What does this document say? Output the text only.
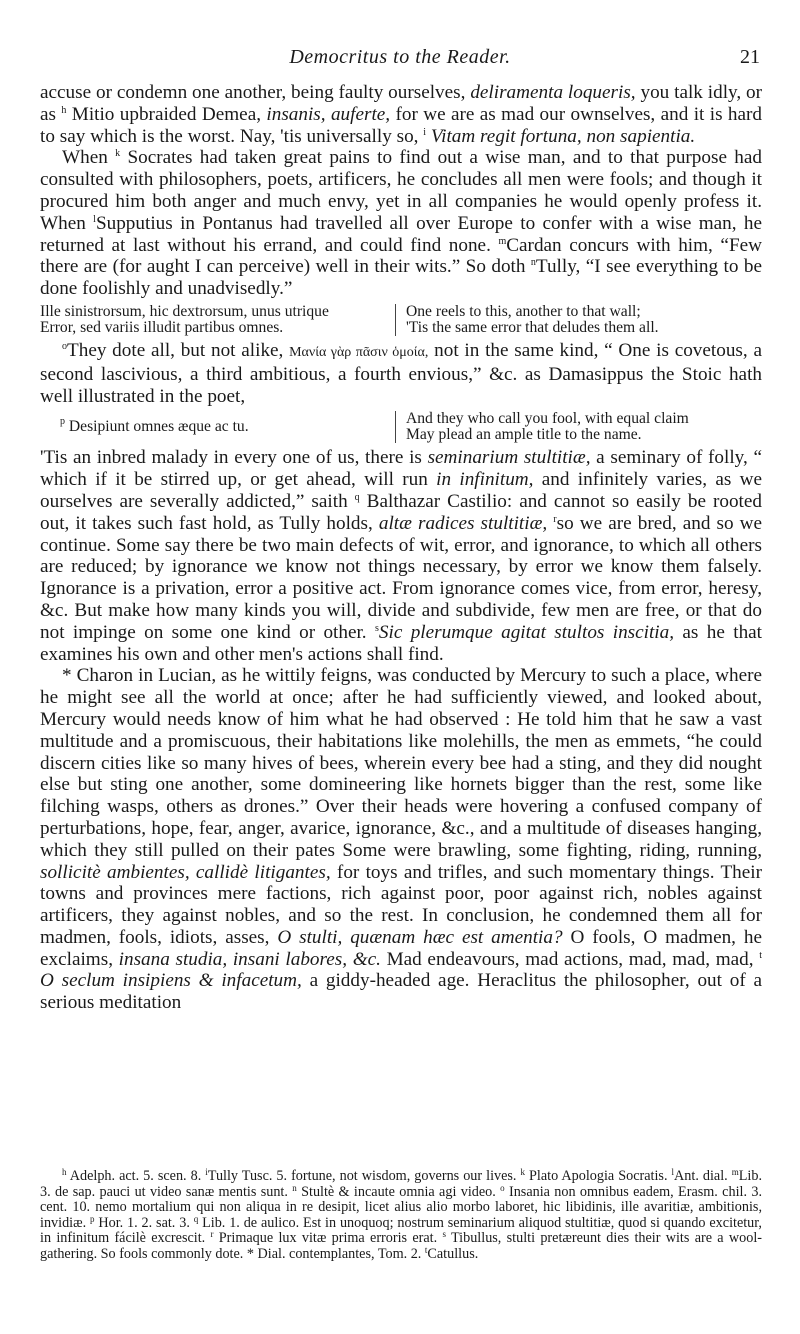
Democritus to the Reader.	21

accuse or condemn one another, being faulty ourselves, deliramenta loqueris, you talk idly, or as $^h$ Mitio upbraided Demea, insanis, auferte, for we are as mad our ownselves, and it is hard to say which is the worst. Nay, 'tis universally so, $^i$ Vitam regit fortuna, non sapientia.

When $^k$ Socrates had taken great pains to find out a wise man, and to that purpose had consulted with philosophers, poets, artificers, he concludes all men were fools; and though it procured him both anger and much envy, yet in all companies he would openly profess it. When $^l$Supputius in Pontanus had travelled all over Europe to confer with a wise man, he returned at last without his errand, and could find none. $^m$Cardan concurs with him, “Few there are (for aught I can perceive) well in their wits.” So doth $^n$Tully, “I see everything to be done foolishly and unadvisedly.”

Ille sinistrorsum, hic dextrorsum, unus utrique
Error, sed variis illudit partibus omnes.
One reels to this, another to that wall;
'Tis the same error that deludes them all.

$^o$They dote all, but not alike, Μανία γὰρ πᾶσιν ὁμοία, not in the same kind, “ One is covetous, a second lascivious, a third ambitious, a fourth envious,” &c. as Damasippus the Stoic hath well illustrated in the poet,

$^p$ Desipiunt omnes æque ac tu.	And they who call you fool, with equal claim
May plead an ample title to the name.

'Tis an inbred malady in every one of us, there is seminarium stultitiæ, a seminary of folly, “ which if it be stirred up, or get ahead, will run in infinitum, and infinitely varies, as we ourselves are severally addicted,” saith $^q$ Balthazar Castilio: and cannot so easily be rooted out, it takes such fast hold, as Tully holds, altæ radices stultitiæ, $^r$so we are bred, and so we continue. Some say there be two main defects of wit, error, and ignorance, to which all others are reduced; by ignorance we know not things necessary, by error we know them falsely. Ignorance is a privation, error a positive act. From ignorance comes vice, from error, heresy, &c. But make how many kinds you will, divide and subdivide, few men are free, or that do not impinge on some one kind or other. $^s$Sic plerumque agitat stultos inscitia, as he that examines his own and other men's actions shall find.

* Charon in Lucian, as he wittily feigns, was conducted by Mercury to such a place, where he might see all the world at once; after he had sufficiently viewed, and looked about, Mercury would needs know of him what he had observed : He told him that he saw a vast multitude and a promiscuous, their habitations like molehills, the men as emmets, “he could discern cities like so many hives of bees, wherein every bee had a sting, and they did nought else but sting one another, some domineering like hornets bigger than the rest, some like filching wasps, others as drones.” Over their heads were hovering a confused company of perturbations, hope, fear, anger, avarice, ignorance, &c., and a multitude of diseases hanging, which they still pulled on their pates Some were brawling, some fighting, riding, running, sollicitè ambientes, callidè litigantes, for toys and trifles, and such momentary things. Their towns and provinces mere factions, rich against poor, poor against rich, nobles against artificers, they against nobles, and so the rest. In conclusion, he condemned them all for madmen, fools, idiots, asses, O stulti, quænam hæc est amentia? O fools, O madmen, he exclaims, insana studia, insani labores, &c. Mad endeavours, mad actions, mad, mad, mad, $^t$ O seclum insipiens & infacetum, a giddy-headed age. Heraclitus the philosopher, out of a serious meditation

$^h$ Adelph. act. 5. scen. 8. $^i$Tully Tusc. 5. fortune, not wisdom, governs our lives. $^k$ Plato Apologia Socratis. $^l$Ant. dial. $^m$Lib. 3. de sap. pauci ut video sanæ mentis sunt. $^n$ Stultè & incaute omnia agi video. $^o$ Insania non omnibus eadem, Erasm. chil. 3. cent. 10. nemo mortalium qui non aliqua in re desipit, licet alius alio morbo laboret, hic libidinis, ille avaritiæ, ambitionis, invidiæ. $^p$ Hor. 1. 2. sat. 3. $^q$ Lib. 1. de aulico. Est in unoquoq; nostrum seminarium aliquod stultitiæ, quod si quando excitetur, in infinitum fácilè excrescit. $^r$ Primaque lux vitæ prima erroris erat. $^s$ Tibullus, stulti pretæreunt dies their wits are a wool-gathering. So fools commonly dote. * Dial. contemplantes, Tom. 2. $^t$Catullus.
